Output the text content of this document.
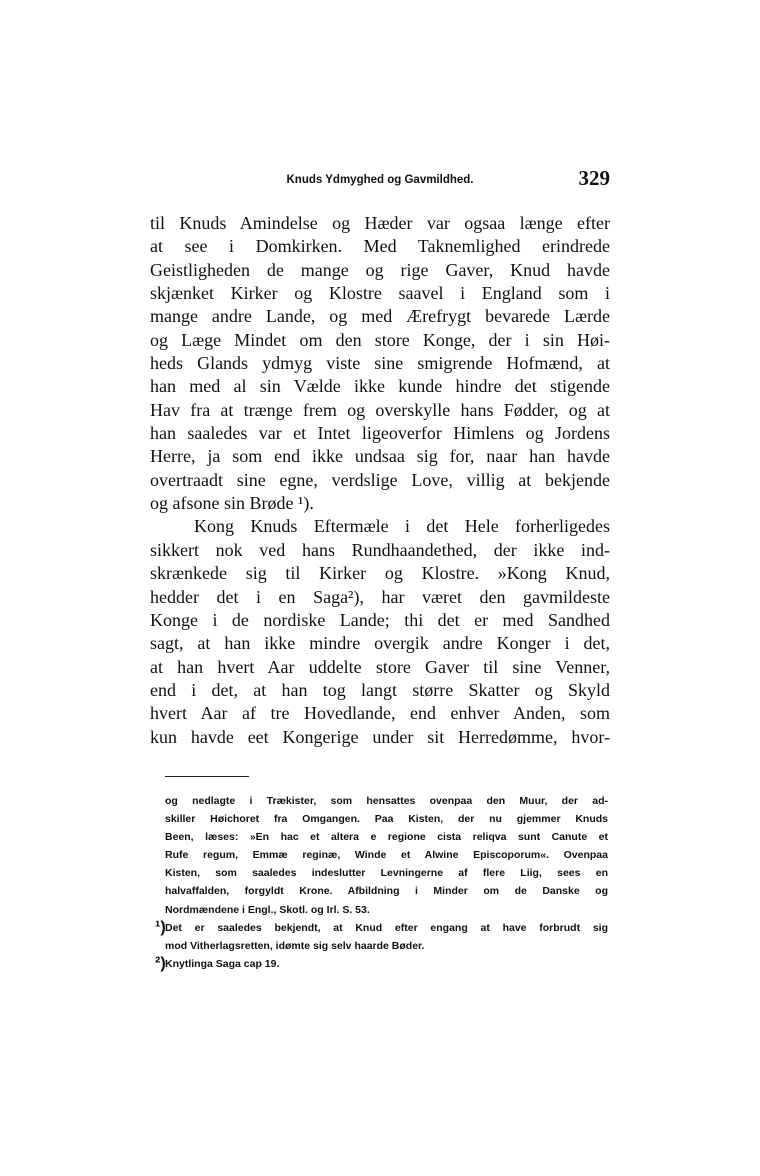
Knuds Ydmyghed og Gavmildhed.	329
til Knuds Amindelse og Hæder var ogsaa længe efter
at see i Domkirken. Med Taknemlighed erindrede
Geistligheden de mange og rige Gaver, Knud havde
skjænket Kirker og Klostre saavel i England som i
mange andre Lande, og med Ærefrygt bevarede Lærde
og Læge Mindet om den store Konge, der i sin Høi-
heds Glands ydmyg viste sine smigrende Hofmænd, at
han med al sin Vælde ikke kunde hindre det stigende
Hav fra at trænge frem og overskylle hans Fødder, og at
han saaledes var et Intet ligeoverfor Himlens og Jordens
Herre, ja som end ikke undsaa sig for, naar han havde
overtraadt sine egne, verdslige Love, villig at bekjende
og afsone sin Brøde ¹).
Kong Knuds Eftermæle i det Hele forherligedes
sikkert nok ved hans Rundhaandethed, der ikke ind-
skrænkede sig til Kirker og Klostre. »Kong Knud,
hedder det i en Saga²), har været den gavmildeste
Konge i de nordiske Lande; thi det er med Sandhed
sagt, at han ikke mindre overgik andre Konger i det,
at han hvert Aar uddelte store Gaver til sine Venner,
end i det, at han tog langt større Skatter og Skyld
hvert Aar af tre Hovedlande, end enhver Anden, som
kun havde eet Kongerige under sit Herredømme, hvor-
og nedlagte i Trækister, som hensattes ovenpaa den Muur, der ad-
skiller Høichoret fra Omgangen. Paa Kisten, der nu gjemmer Knuds
Been, læses: »En hac et altera e regione cista reliqva sunt Canute et
Rufe regum, Emmæ reginæ, Winde et Alwine Episcoporum«. Ovenpaa
Kisten, som saaledes indeslutter Levningerne af flere Liig, sees en
halvaffalden, forgyldt Krone. Afbildning i Minder om de Danske og
Nordmændene i Engl., Skotl. og Irl. S. 53.
¹) Det er saaledes bekjendt, at Knud efter engang at have forbrudt sig
mod Vitherlagsretten, idømte sig selv haarde Bøder.
²) Knytlinga Saga cap 19.
